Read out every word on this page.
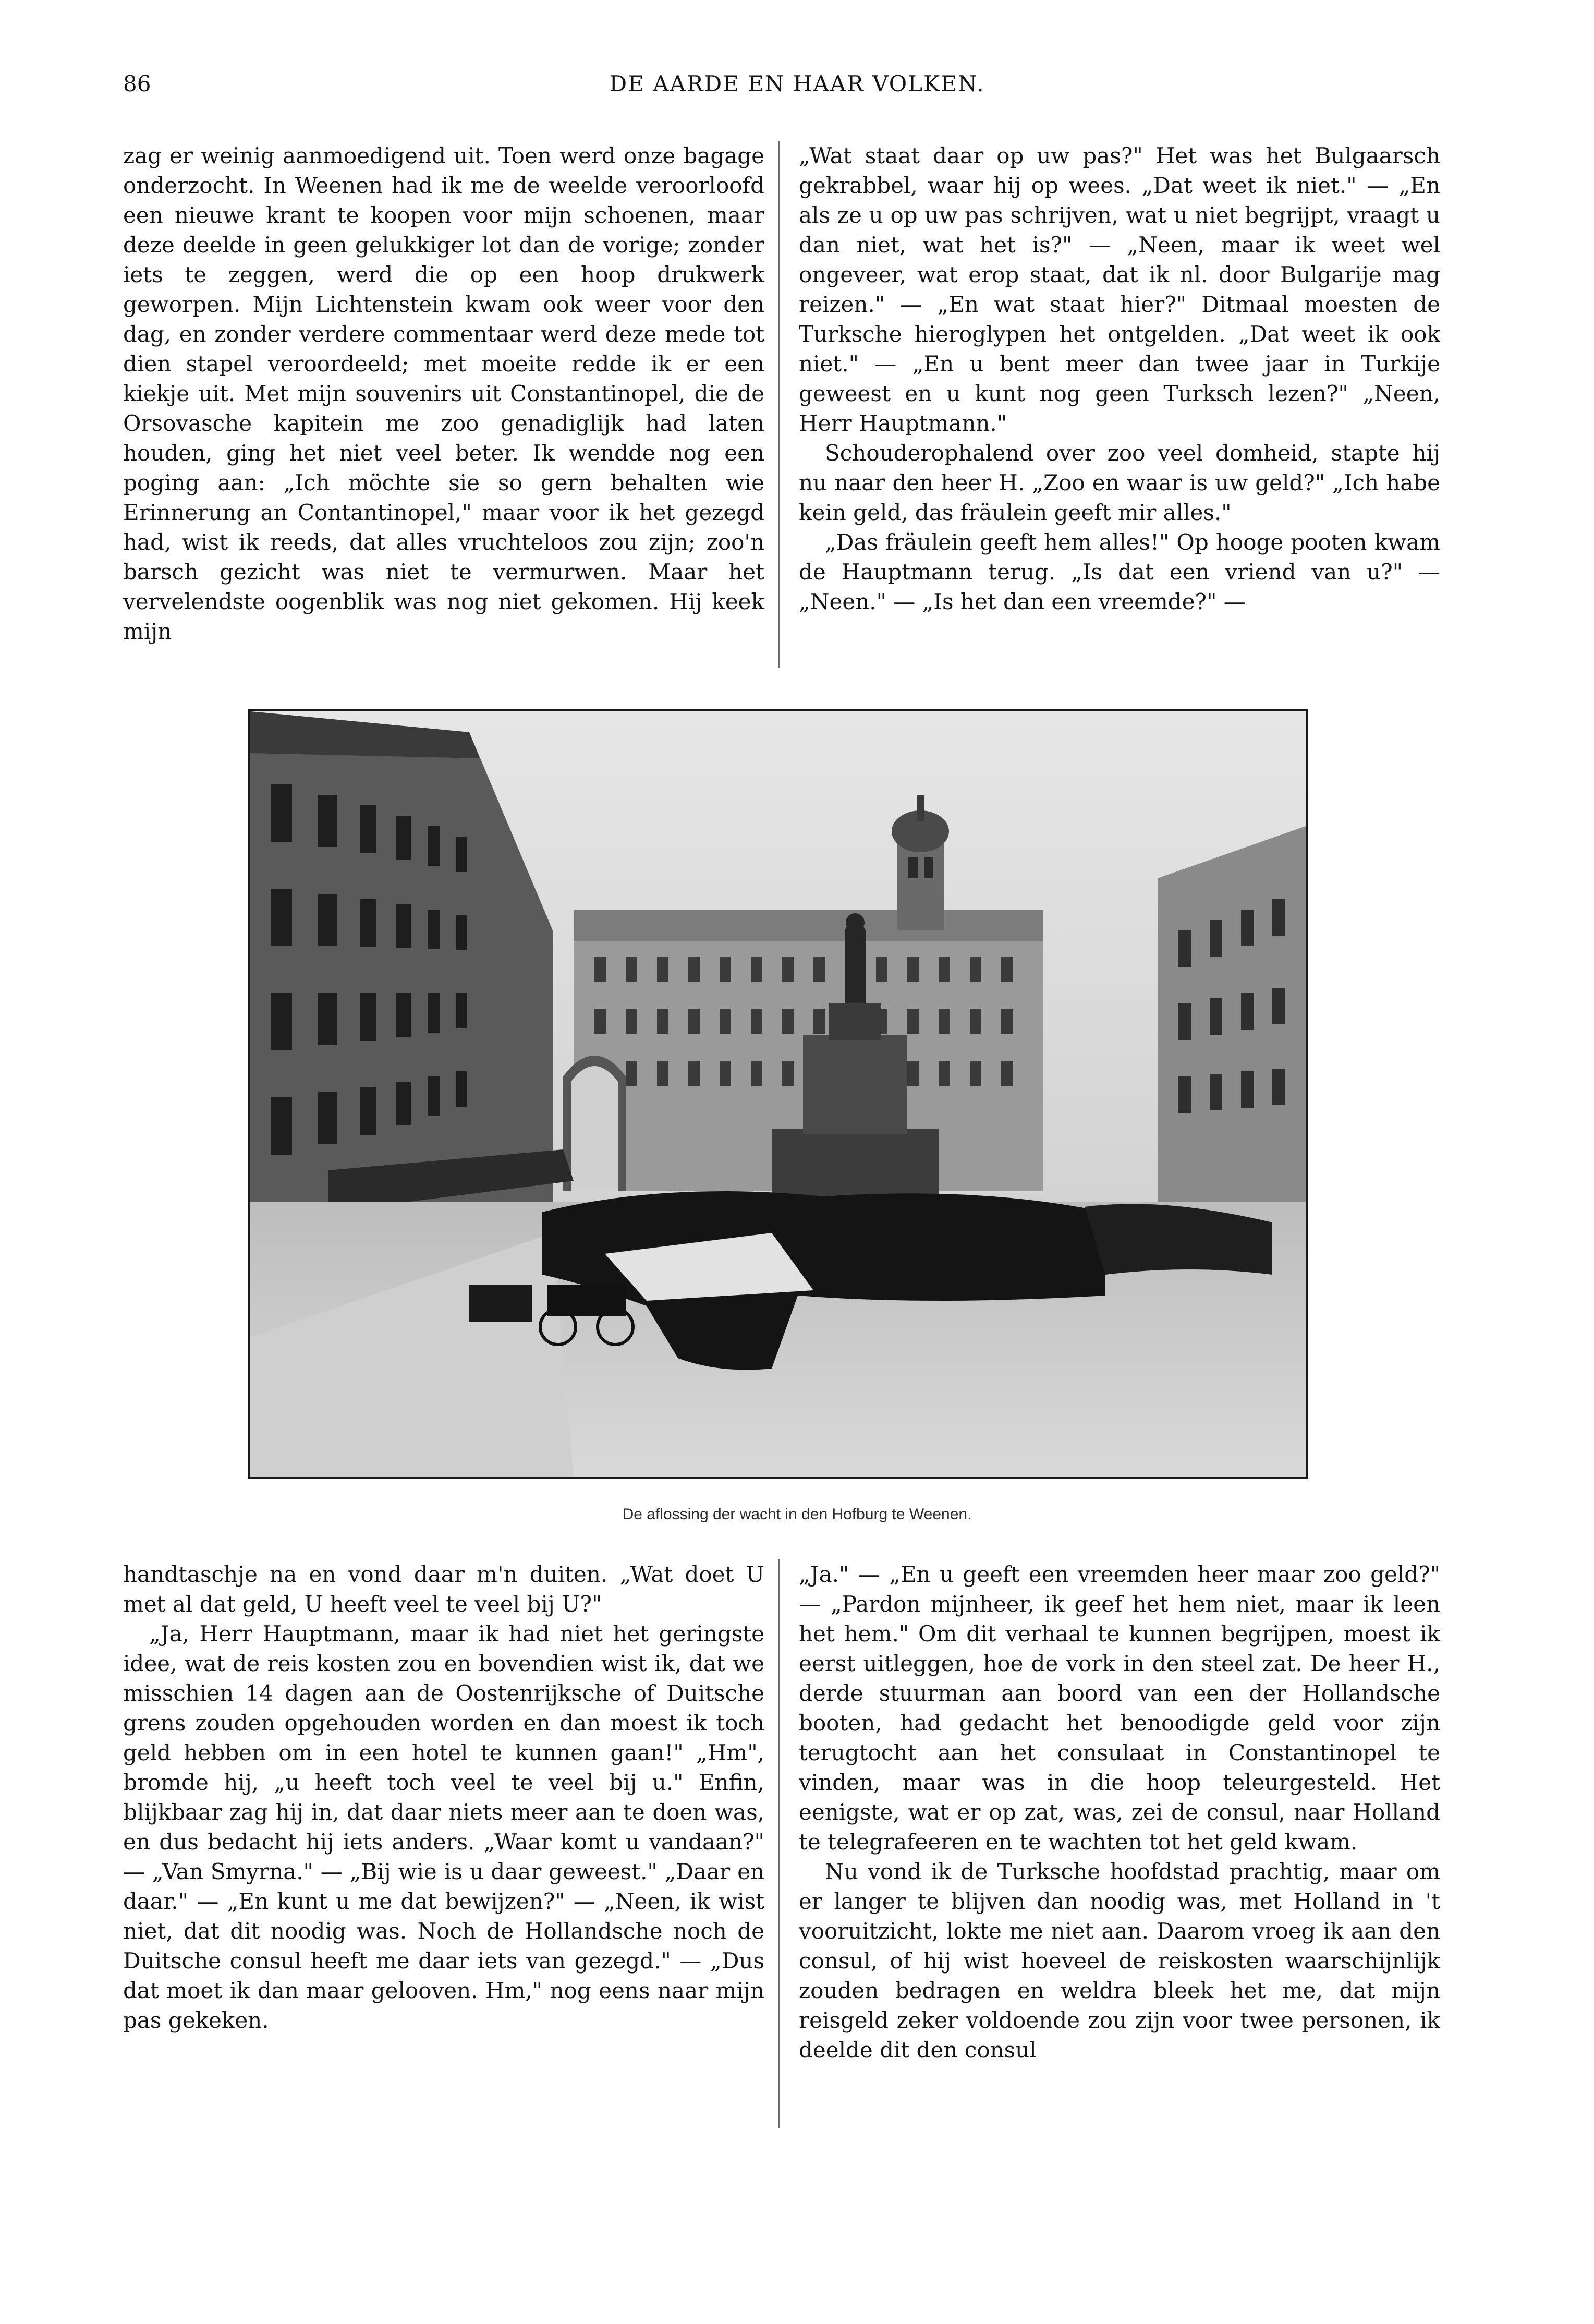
86	DE AARDE EN HAAR VOLKEN.

zag er weinig aanmoedigend uit. Toen werd onze bagage onderzocht. In Weenen had ik me de weelde veroorloofd een nieuwe krant te koopen voor mijn schoenen, maar deze deelde in geen gelukkiger lot dan de vorige; zonder iets te zeggen, werd die op een hoop drukwerk geworpen. Mijn Lichtenstein kwam ook weer voor den dag, en zonder verdere commentaar werd deze mede tot dien stapel veroordeeld; met moeite redde ik er een kiekje uit. Met mijn souvenirs uit Constantinopel, die de Orsovasche kapitein me zoo genadiglijk had laten houden, ging het niet veel beter. Ik wendde nog een poging aan: „Ich möchte sie so gern behalten wie Erinnerung an Contantinopel," maar voor ik het gezegd had, wist ik reeds, dat alles vruchteloos zou zijn; zoo'n barsch gezicht was niet te vermurwen. Maar het vervelendste oogenblik was nog niet gekomen. Hij keek mijn

„Wat staat daar op uw pas?" Het was het Bulgaarsch gekrabbel, waar hij op wees. „Dat weet ik niet." — „En als ze u op uw pas schrijven, wat u niet begrijpt, vraagt u dan niet, wat het is?" — „Neen, maar ik weet wel ongeveer, wat erop staat, dat ik nl. door Bulgarije mag reizen." — „En wat staat hier?" Ditmaal moesten de Turksche hieroglypen het ontgelden. „Dat weet ik ook niet." — „En u bent meer dan twee jaar in Turkije geweest en u kunt nog geen Turksch lezen?" „Neen, Herr Hauptmann."

Schouderophalend over zoo veel domheid, stapte hij nu naar den heer H. „Zoo en waar is uw geld?" „Ich habe kein geld, das fräulein geeft mir alles."

„Das fräulein geeft hem alles!" Op hooge pooten kwam de Hauptmann terug. „Is dat een vriend van u?" — „Neen." — „Is het dan een vreemde?" —

De aflossing der wacht in den Hofburg te Weenen.

handtaschje na en vond daar m'n duiten. „Wat doet U met al dat geld, U heeft veel te veel bij U?"

„Ja, Herr Hauptmann, maar ik had niet het geringste idee, wat de reis kosten zou en bovendien wist ik, dat we misschien 14 dagen aan de Oostenrijksche of Duitsche grens zouden opgehouden worden en dan moest ik toch geld hebben om in een hotel te kunnen gaan!" „Hm", bromde hij, „u heeft toch veel te veel bij u." Enfin, blijkbaar zag hij in, dat daar niets meer aan te doen was, en dus bedacht hij iets anders. „Waar komt u vandaan?" — „Van Smyrna." — „Bij wie is u daar geweest." „Daar en daar." — „En kunt u me dat bewijzen?" — „Neen, ik wist niet, dat dit noodig was. Noch de Hollandsche noch de Duitsche consul heeft me daar iets van gezegd." — „Dus dat moet ik dan maar gelooven. Hm," nog eens naar mijn pas gekeken.

„Ja." — „En u geeft een vreemden heer maar zoo geld?" — „Pardon mijnheer, ik geef het hem niet, maar ik leen het hem." Om dit verhaal te kunnen begrijpen, moest ik eerst uitleggen, hoe de vork in den steel zat. De heer H., derde stuurman aan boord van een der Hollandsche booten, had gedacht het benoodigde geld voor zijn terugtocht aan het consulaat in Constantinopel te vinden, maar was in die hoop teleurgesteld. Het eenigste, wat er op zat, was, zei de consul, naar Holland te telegrafeeren en te wachten tot het geld kwam.

Nu vond ik de Turksche hoofdstad prachtig, maar om er langer te blijven dan noodig was, met Holland in 't vooruitzicht, lokte me niet aan. Daarom vroeg ik aan den consul, of hij wist hoeveel de reiskosten waarschijnlijk zouden bedragen en weldra bleek het me, dat mijn reisgeld zeker voldoende zou zijn voor twee personen, ik deelde dit den consul
